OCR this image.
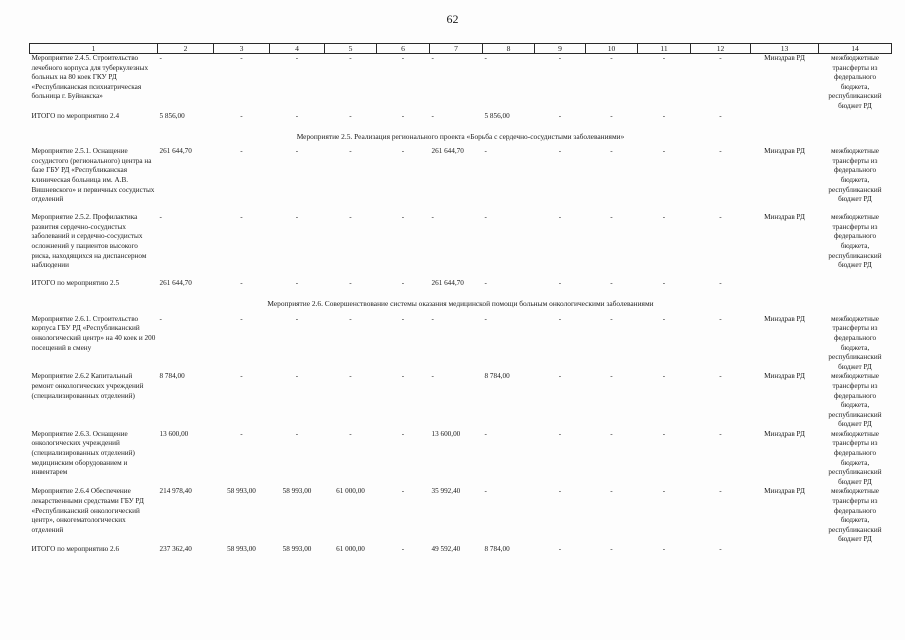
62
1	2	3	4	5	6	7	8	9	10	11	12	13	14
Мероприятие 2.4.5. Строительство лечебного корпуса для туберкулезных больных на 80 коек ГКУ РД «Республиканская психиатрическая больница г. Буйнакска»	-	-	-	-	-	-	-	-	-	-	-	Минздрав РД	межбюджетные трансферты из федерального бюджета, республиканский бюджет РД
ИТОГО по мероприятию 2.4	5 856,00	-	-	-	-	-	5 856,00	-	-	-	-		
Мероприятие 2.5. Реализация регионального проекта «Борьба с сердечно-сосудистыми заболеваниями»													
Мероприятие 2.5.1. Оснащение сосудистого (регионального) центра на базе ГБУ РД «Республиканская клиническая больница им. А.В. Вишневского» и первичных сосудистых отделений	261 644,70	-	-	-	-	261 644,70	-	-	-	-	-	Минздрав РД	межбюджетные трансферты из федерального бюджета, республиканский бюджет РД
Мероприятие 2.5.2. Профилактика развития сердечно-сосудистых заболеваний и сердечно-сосудистых осложнений у пациентов высокого риска, находящихся на диспансерном наблюдении	-	-	-	-	-	-	-	-	-	-	-	Минздрав РД	межбюджетные трансферты из федерального бюджета, республиканский бюджет РД
ИТОГО по мероприятию 2.5	261 644,70	-	-	-	-	261 644,70	-	-	-	-	-		
Мероприятие 2.6. Совершенствование системы оказания медицинской помощи больным онкологическими заболеваниями													
Мероприятие 2.6.1. Строительство корпуса ГБУ РД «Республиканский онкологический центр» на 40 коек и 200 посещений в смену	-	-	-	-	-	-	-	-	-	-	-	Минздрав РД	межбюджетные трансферты из федерального бюджета, республиканский бюджет РД
Мероприятие 2.6.2 Капитальный ремонт онкологических учреждений (специализированных отделений)	8 784,00	-	-	-	-	-	8 784,00	-	-	-	-	Минздрав РД	межбюджетные трансферты из федерального бюджета, республиканский бюджет РД
Мероприятие 2.6.3. Оснащение онкологических учреждений (специализированных отделений) медицинским оборудованием и инвентарем	13 600,00	-	-	-	-	13 600,00	-	-	-	-	-	Минздрав РД	межбюджетные трансферты из федерального бюджета, республиканский бюджет РД
Мероприятие 2.6.4 Обеспечение лекарственными средствами ГБУ РД «Республиканский онкологический центр», онкогематологических отделений	214 978,40	58 993,00	58 993,00	61 000,00	-	35 992,40	-	-	-	-	-	Минздрав РД	межбюджетные трансферты из федерального бюджета, республиканский бюджет РД
ИТОГО по мероприятию 2.6	237 362,40	58 993,00	58 993,00	61 000,00	-	49 592,40	8 784,00	-	-	-	-		
